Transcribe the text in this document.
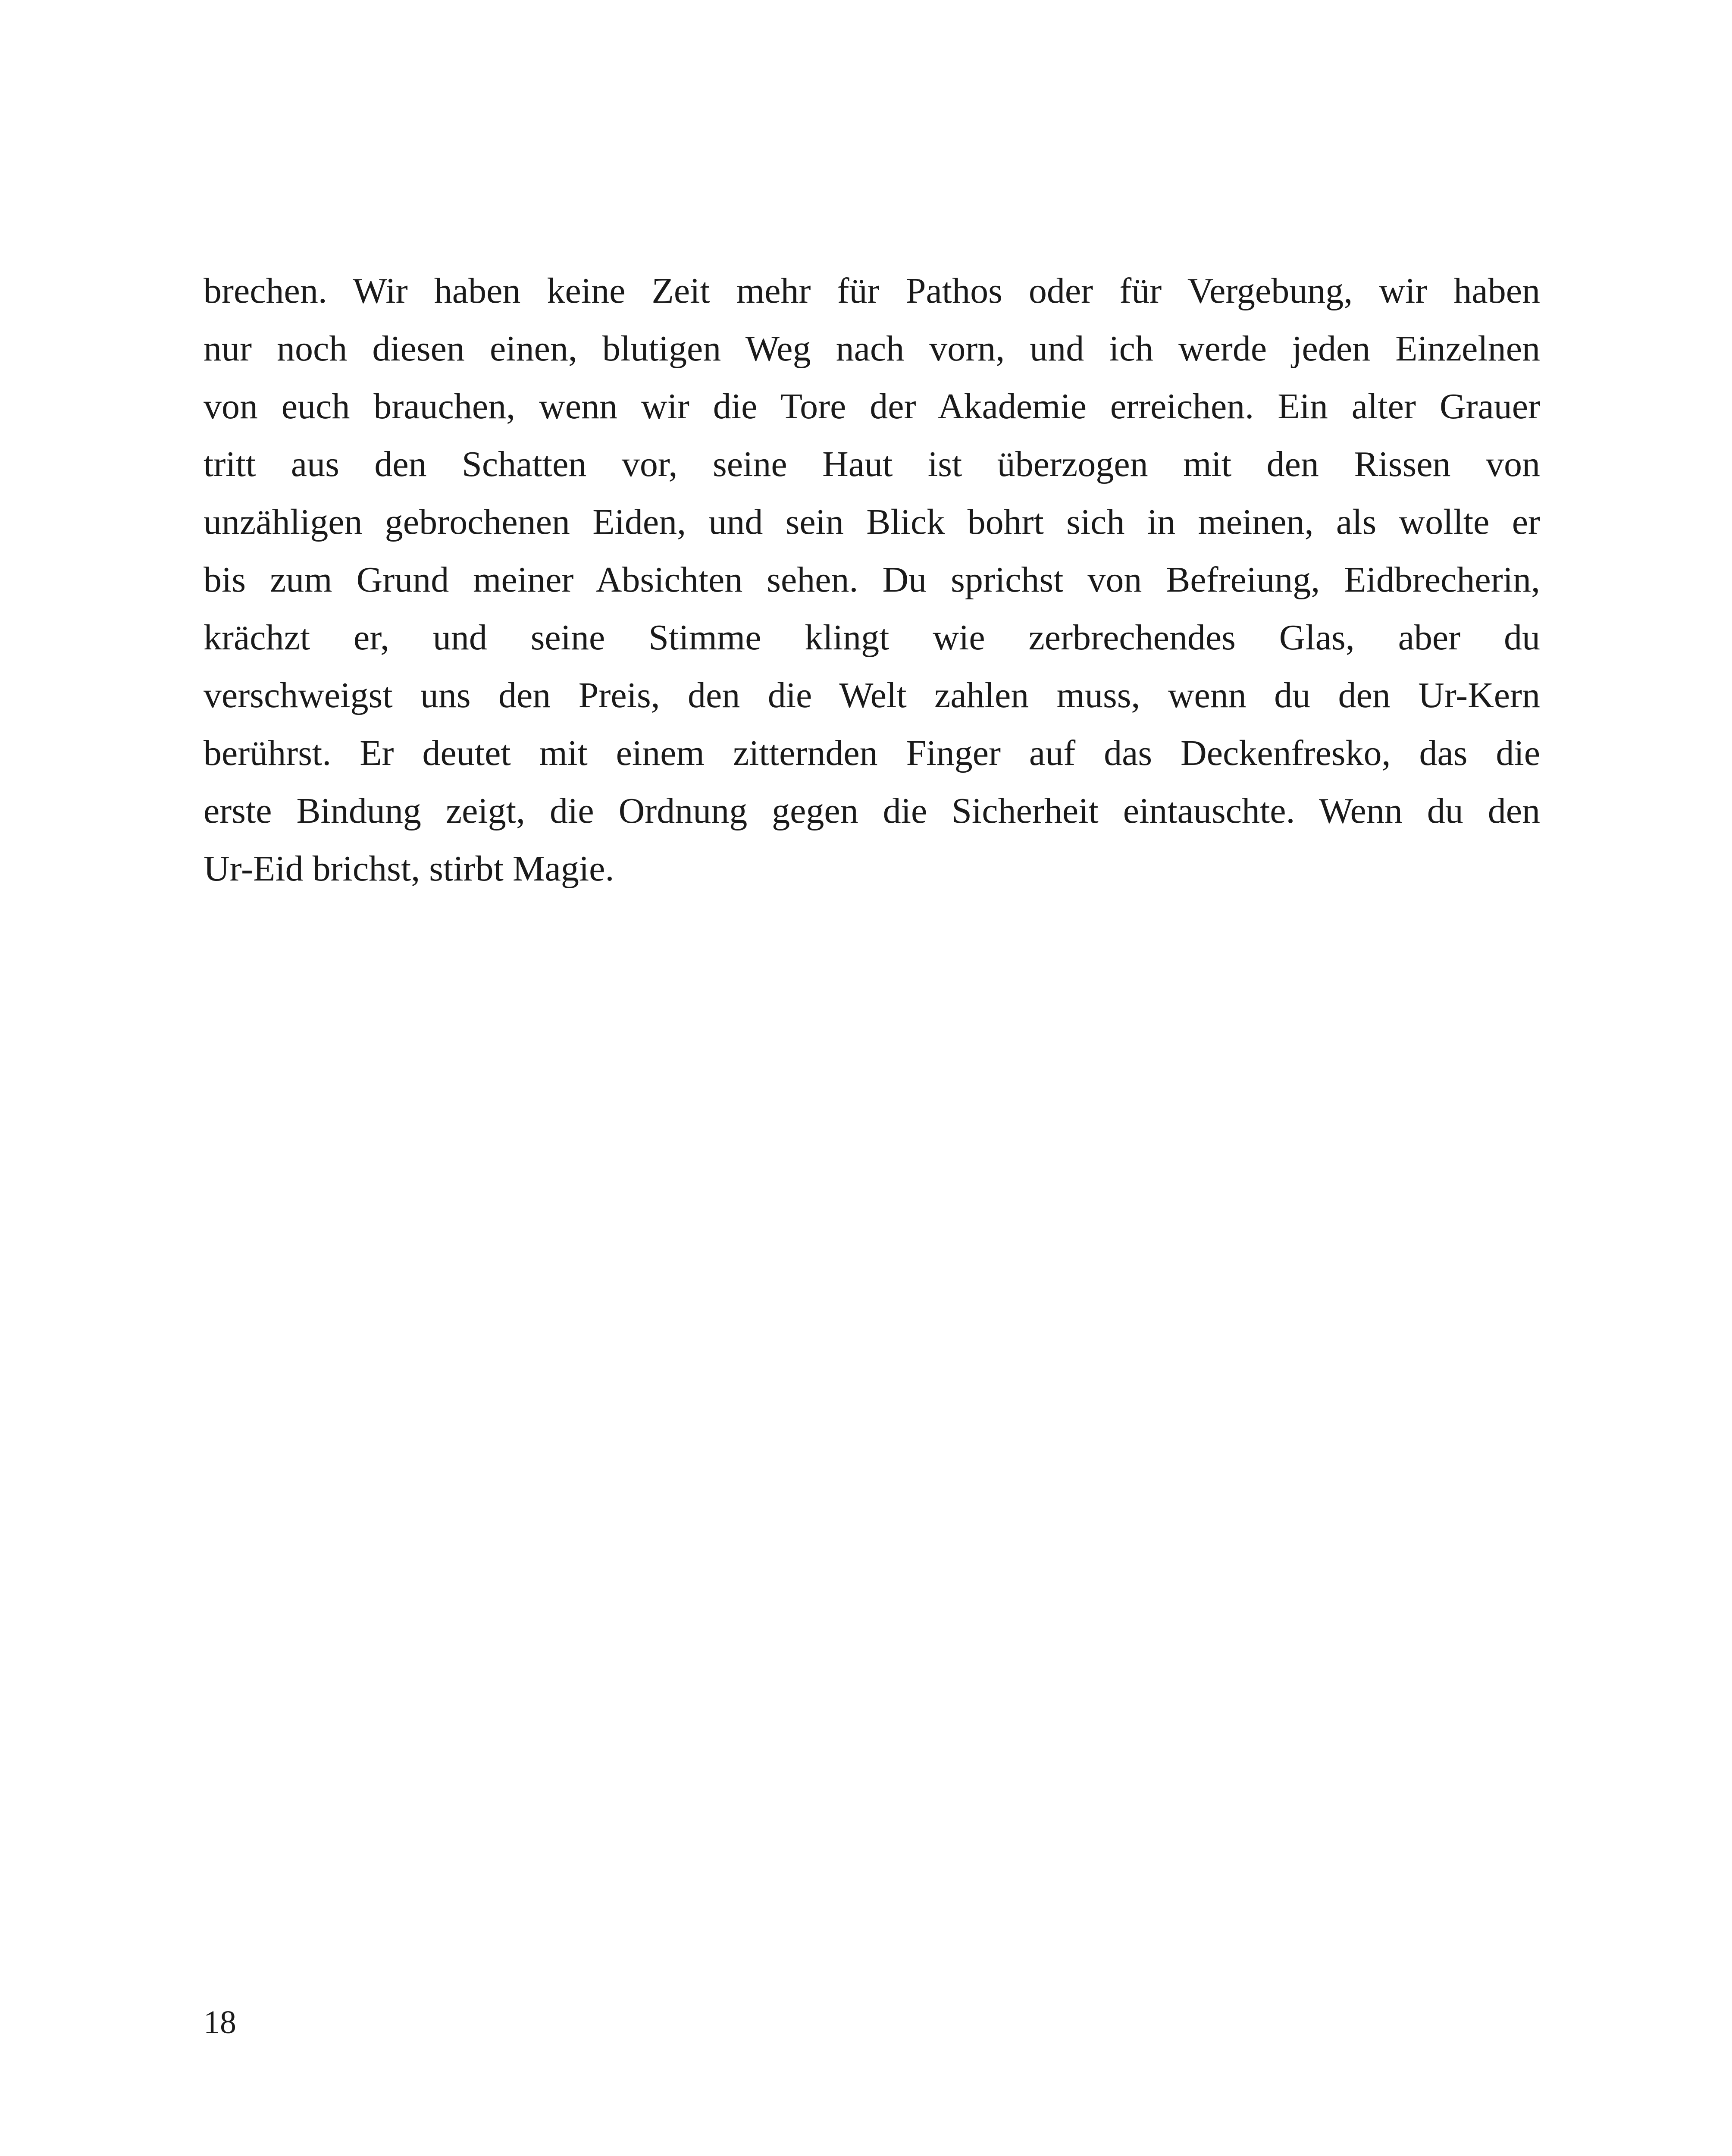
brechen. Wir haben keine Zeit mehr für Pathos oder für Vergebung, wir haben
nur noch diesen einen, blutigen Weg nach vorn, und ich werde jeden Einzelnen
von euch brauchen, wenn wir die Tore der Akademie erreichen. Ein alter Grauer
tritt aus den Schatten vor, seine Haut ist überzogen mit den Rissen von
unzähligen gebrochenen Eiden, und sein Blick bohrt sich in meinen, als wollte er
bis zum Grund meiner Absichten sehen. Du sprichst von Befreiung, Eidbrecherin,
krächzt er, und seine Stimme klingt wie zerbrechendes Glas, aber du
verschweigst uns den Preis, den die Welt zahlen muss, wenn du den Ur-Kern
berührst. Er deutet mit einem zitternden Finger auf das Deckenfresko, das die
erste Bindung zeigt, die Ordnung gegen die Sicherheit eintauschte. Wenn du den
Ur-Eid brichst, stirbt Magie.
18
